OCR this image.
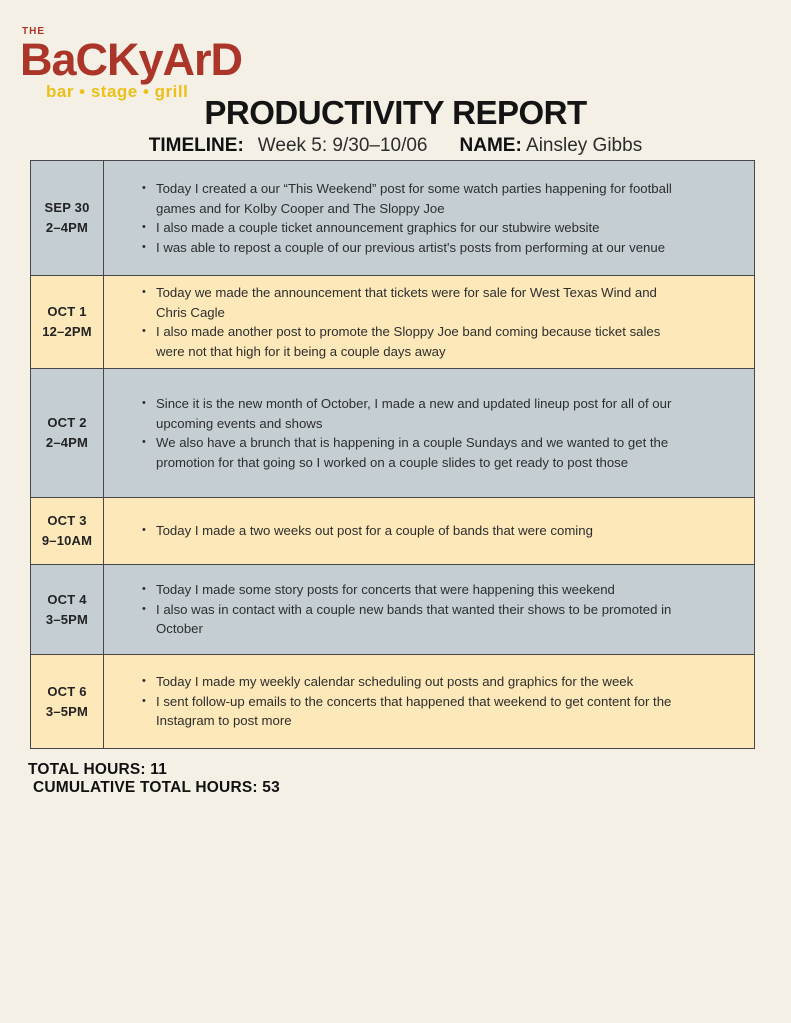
THE
BaCKyArD
bar • stage • grill
PRODUCTIVITY REPORT
TIMELINE: Week 5: 9/30–10/06 NAME: Ainsley Gibbs
SEP 30
2–4PM
• Today I created a our “This Weekend” post for some watch parties happening for football games and for Kolby Cooper and The Sloppy Joe
• I also made a couple ticket announcement graphics for our stubwire website
• I was able to repost a couple of our previous artist's posts from performing at our venue
OCT 1
12–2PM
• Today we made the announcement that tickets were for sale for West Texas Wind and Chris Cagle
• I also made another post to promote the Sloppy Joe band coming because ticket sales were not that high for it being a couple days away
OCT 2
2–4PM
• Since it is the new month of October, I made a new and updated lineup post for all of our upcoming events and shows
• We also have a brunch that is happening in a couple Sundays and we wanted to get the promotion for that going so I worked on a couple slides to get ready to post those
OCT 3
9–10AM
• Today I made a two weeks out post for a couple of bands that were coming
OCT 4
3–5PM
• Today I made some story posts for concerts that were happening this weekend
• I also was in contact with a couple new bands that wanted their shows to be promoted in October
OCT 6
3–5PM
• Today I made my weekly calendar scheduling out posts and graphics for the week
• I sent follow-up emails to the concerts that happened that weekend to get content for the Instagram to post more
TOTAL HOURS: 11
CUMULATIVE TOTAL HOURS: 53
